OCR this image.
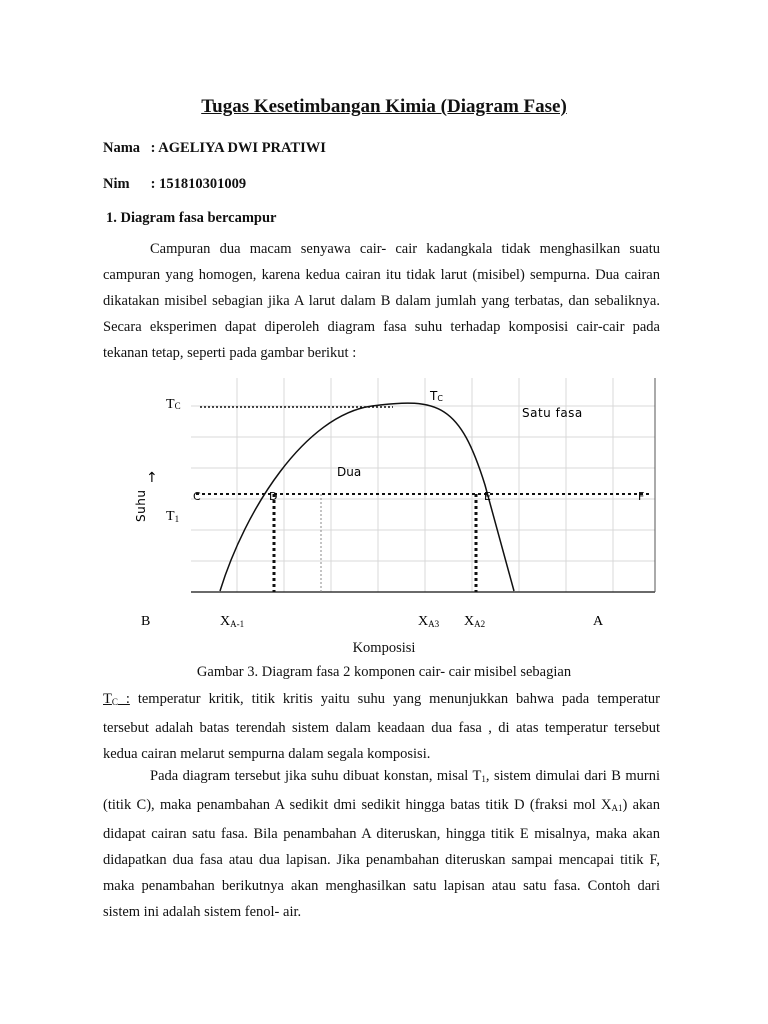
Tugas Kesetimbangan Kimia (Diagram Fase)
Nama : AGELIYA DWI PRATIWI
Nim : 151810301009
1. Diagram fasa bercampur
Campuran dua macam senyawa cair- cair kadangkala tidak menghasilkan suatu campuran yang homogen, karena kedua cairan itu tidak larut (misibel) sempurna. Dua cairan dikatakan misibel sebagian jika A larut dalam B dalam jumlah yang terbatas, dan sebaliknya. Secara eksperimen dapat diperoleh diagram fasa suhu terhadap komposisi cair-cair pada tekanan tetap, seperti pada gambar berikut :
TC
TC
Satu fasa
Dua
T1
Suhu
↑
C	D	E	F
B	XA-1	XA3 XA2	A
Komposisi
Gambar 3. Diagram fasa 2 komponen cair- cair misibel sebagian
$T_C$ : temperatur kritik, titik kritis yaitu suhu yang menunjukkan bahwa pada temperatur
tersebut adalah batas terendah sistem dalam keadaan dua fasa , di atas temperatur tersebut
kedua cairan melarut sempurna dalam segala komposisi.
Pada diagram tersebut jika suhu dibuat konstan, misal $T_1$, sistem dimulai dari B murni (titik C), maka penambahan A sedikit dmi sedikit hingga batas titik D (fraksi mol $X_{A1}$) akan didapat cairan satu fasa. Bila penambahan A diteruskan, hingga titik E misalnya, maka akan didapatkan dua fasa atau dua lapisan. Jika penambahan diteruskan sampai mencapai titik F, maka penambahan berikutnya akan menghasilkan satu lapisan atau satu fasa. Contoh dari sistem ini adalah sistem fenol- air.
